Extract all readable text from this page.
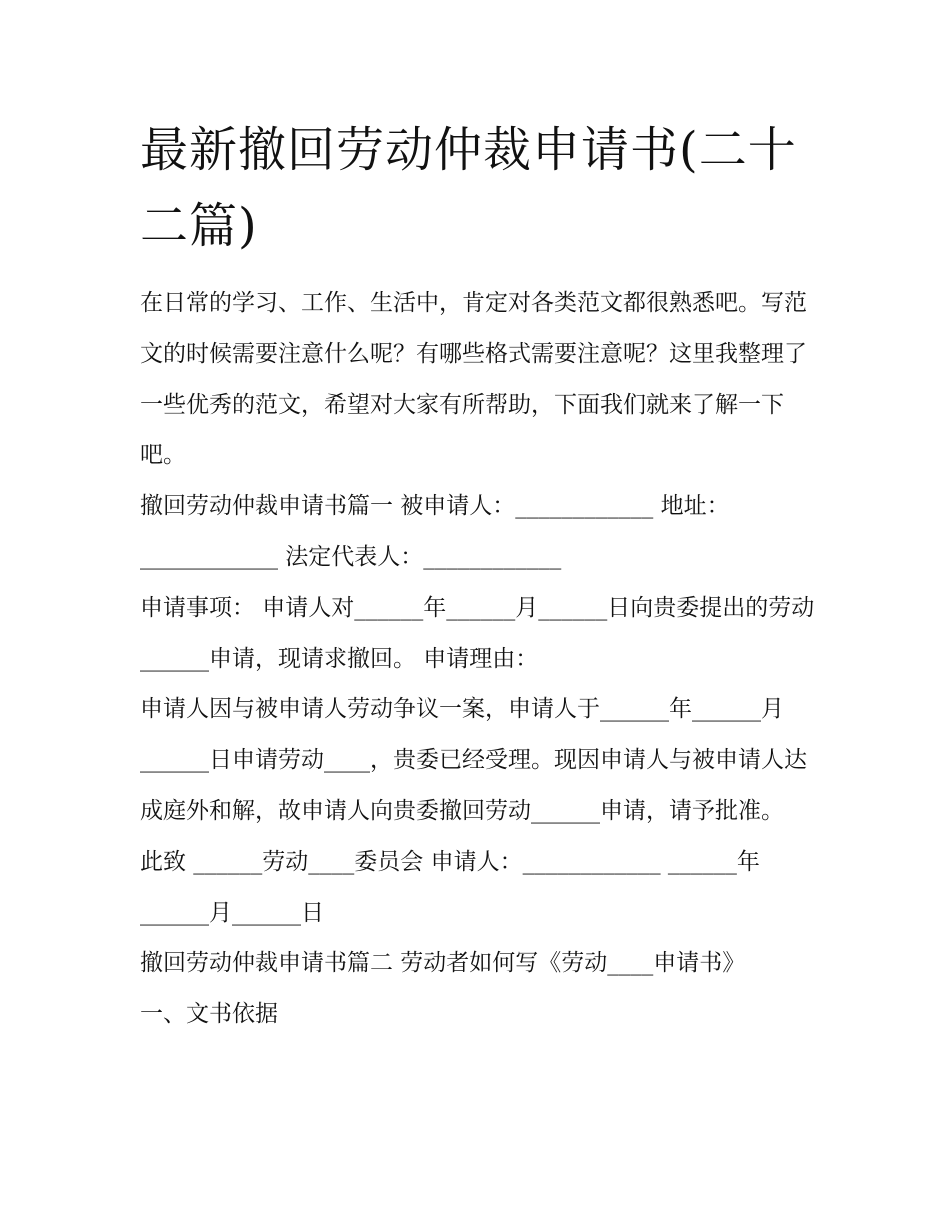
最新撤回劳动仲裁申请书(二十二篇)

在日常的学习、工作、生活中，肯定对各类范文都很熟悉吧。写范文的时候需要注意什么呢？有哪些格式需要注意呢？这里我整理了一些优秀的范文，希望对大家有所帮助，下面我们就来了解一下吧。

撤回劳动仲裁申请书篇一 被申请人：____________ 地址：____________ 法定代表人：____________

申请事项： 申请人对______年______月______日向贵委提出的劳动______申请，现请求撤回。 申请理由：

申请人因与被申请人劳动争议一案，申请人于______年______月______日申请劳动____，贵委已经受理。现因申请人与被申请人达成庭外和解，故申请人向贵委撤回劳动______申请，请予批准。

此致 ______劳动____委员会 申请人：____________ ______年______月______日

撤回劳动仲裁申请书篇二 劳动者如何写《劳动____申请书》

一、文书依据
